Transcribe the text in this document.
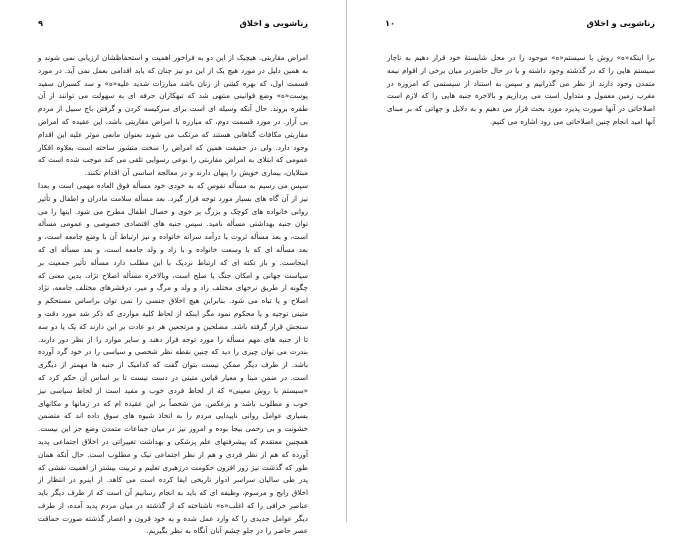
زناشویی و اخلاق
۹

امراض مقاربتی. هیچیک از این دو به فراخور اهمیت و استحفاظشان ارزیابی نمی شوند و به همین دلیل در مورد هیچ یک از این دو نیز چنان که باید اقدامی بعمل نمی آید. در مورد قسمت اول، که بهره کشی از زنان باشد مبارزات شدید علیه«ه» و سد کسبران سفید پوست«ه» وضع قوانینی منتهی شد که تبهکاران حرفه ای به سهولت می توانند از آن طفره بروند. حال آنکه وسیله ای است برای سرکیسه کردن و گرفتن باج سبیل از مردم بی آزار. در مورد قسمت دوم، که مبارزه با امراض مقاربتی باشد، این عقیده که امراض مقاربتی مکافات گناهانی هستند که مرتکب می شوند بعنوان مانعی موثر علیه این اقدام وجود دارد. ولی در حقیقت همین که امراض را سخت متشوز ساخته است بعلاوه افکار عمومی که ابتلای به امراض مقاربتی را نوعی رسوایی تلقی می کند موجب شده است که مبتلایان، بیماری خویش را پنهان دارند و در معالجه اساسی آن اقدام نکنند.

سپس می رسیم به مسأله نفوس که به خودی خود مسأله فوق العاده مهمی است و بعدا نیز از آن گاه های بسیار مورد توجه قرار گیرد. بعد مسأله سلامت مادران و اطفال و تأثیر روانی خانواده های کوچک و بزرگ بر خوی و خصال اطفال مطرح می شود. اینها را می توان جنبه بهداشتی مسأله نامید. سپس جنبه های اقتصادی خصوصی و عمومی مسأله است، و بعد مسأله ثروت یا درآمد سرانه خانواده و نیز ارتباط آن با وضع جامعه است، و بعد مسأله ای که با وسعت خانواده و با زاد و ولد جامعه است، و بعد مسأله ای که اینجاست. و باز نکته ای که ارتباط نزدیک با این مطلب دارد مسأله تأثیر جمعیت بر سیاست جهانی و امکان جنگ یا صلح است، وبالاخره مسأله اصلاح نژاد، بدین معنی که چگونه از طریق نرخهای مختلف زاد و ولد و مرگ و میر، درقشرهای مختلف جامعه، نژاد اصلاح و یا تباه می شود. بنابراین هیچ اخلاق جنسی را نمی توان براساس مستحکم و متینی توجیه و یا محکوم نمود مگر اینکه از لحاظ کلیه مواردی که ذکر شد مورد دقت و سنجش قرار گرفته باشد. مصلحین و مرتجعین هر دو عادت بر این دارند که یک یا دو سه تا از جنبه های مهم مسأله را مورد توجه قرار دهند و سایر موارد را از نظر دور دارند. بندرت می توان چیزی را دید که چنین نقطه نظر شخصی و سیاسی را در خود گرد آورده باشد. از طرف دیگر ممکن نیست بتوان گفت که کدامیک از جنبه ها مهمتر از دیگری است. در ضمن مبنا و معیار قیاس متینی در دست نیست تا بر اساس آن حکم کرد که «سیستم با روش معینی» که از لحاظ فردی خوب و مفید است از لحاظ سیاسی نیز خوب و مطلوب باشد و برعکس. من شخصاً بر این عقیده ام که در زمانها و مکانهای بسیاری عوامل روانی ناپیدایی مردم را به اتخاذ شیوه های سوق داده اند که متضمن خشونت و بی رحمی بیجا بوده و امروز نیز در میان جماعات متمدن وضع جز این نیست. همچنین معتقدم که پیشرفتهای علم پزشکی و بهداشت تغییراتی در اخلاق اجتماعی پدید آورده که هم از نظر فردی و هم از نظر اجتماعی نیک و مطلوب است. حال آنکه همان طور که گذشت نیز روز افزون حکومت درزهبری تعلیم و تربیت بیشتر از اهمیت نقشی که پدر طی سالیان سراسر ادوار تاریخی ایفا کرده است می کاهد. از اینرو در انتظار از اخلاق رایج و مرسوم، وظیفه ای که باید به انجام رسانیم آن است که از طرف دیگر باید عناصر خرافی را که اغلب«ه» ناشناخته که از گذشته در میان مردم پدید آمده، از طرف دیگر عوامل جدیدی را که وارد عمل شده و به خود قرون و اعصار گذشته صورت حماقت عصر حاضر را در جلو چشم آنان آنگاه به نظر بگیریم.

زناشویی و اخلاق
۱۰

برا اینکه«ه» روش یا سیستم«ه» موجود را در محل شایستهٔ خود قرار دهیم به ناچار سیستم هایی را که در گذشته وجود داشته و یا در حال حاضردر میان برخی از اقوام نیمه متمدن وجود دارند از نظر می گذرانیم و سپس به استناد از سیستمی که امروزه در مغرب زمین معمول و متداول است می پردازیم و بالاخره جنبه هایی را که لازم است اصلاحاتی در آنها صورت پذیرد مورد بحث قرار می دهیم و به دلایل و جهاتی که بر مبنای آنها امید انجام چنین اصلاحاتی می رود اشاره می کنیم.
